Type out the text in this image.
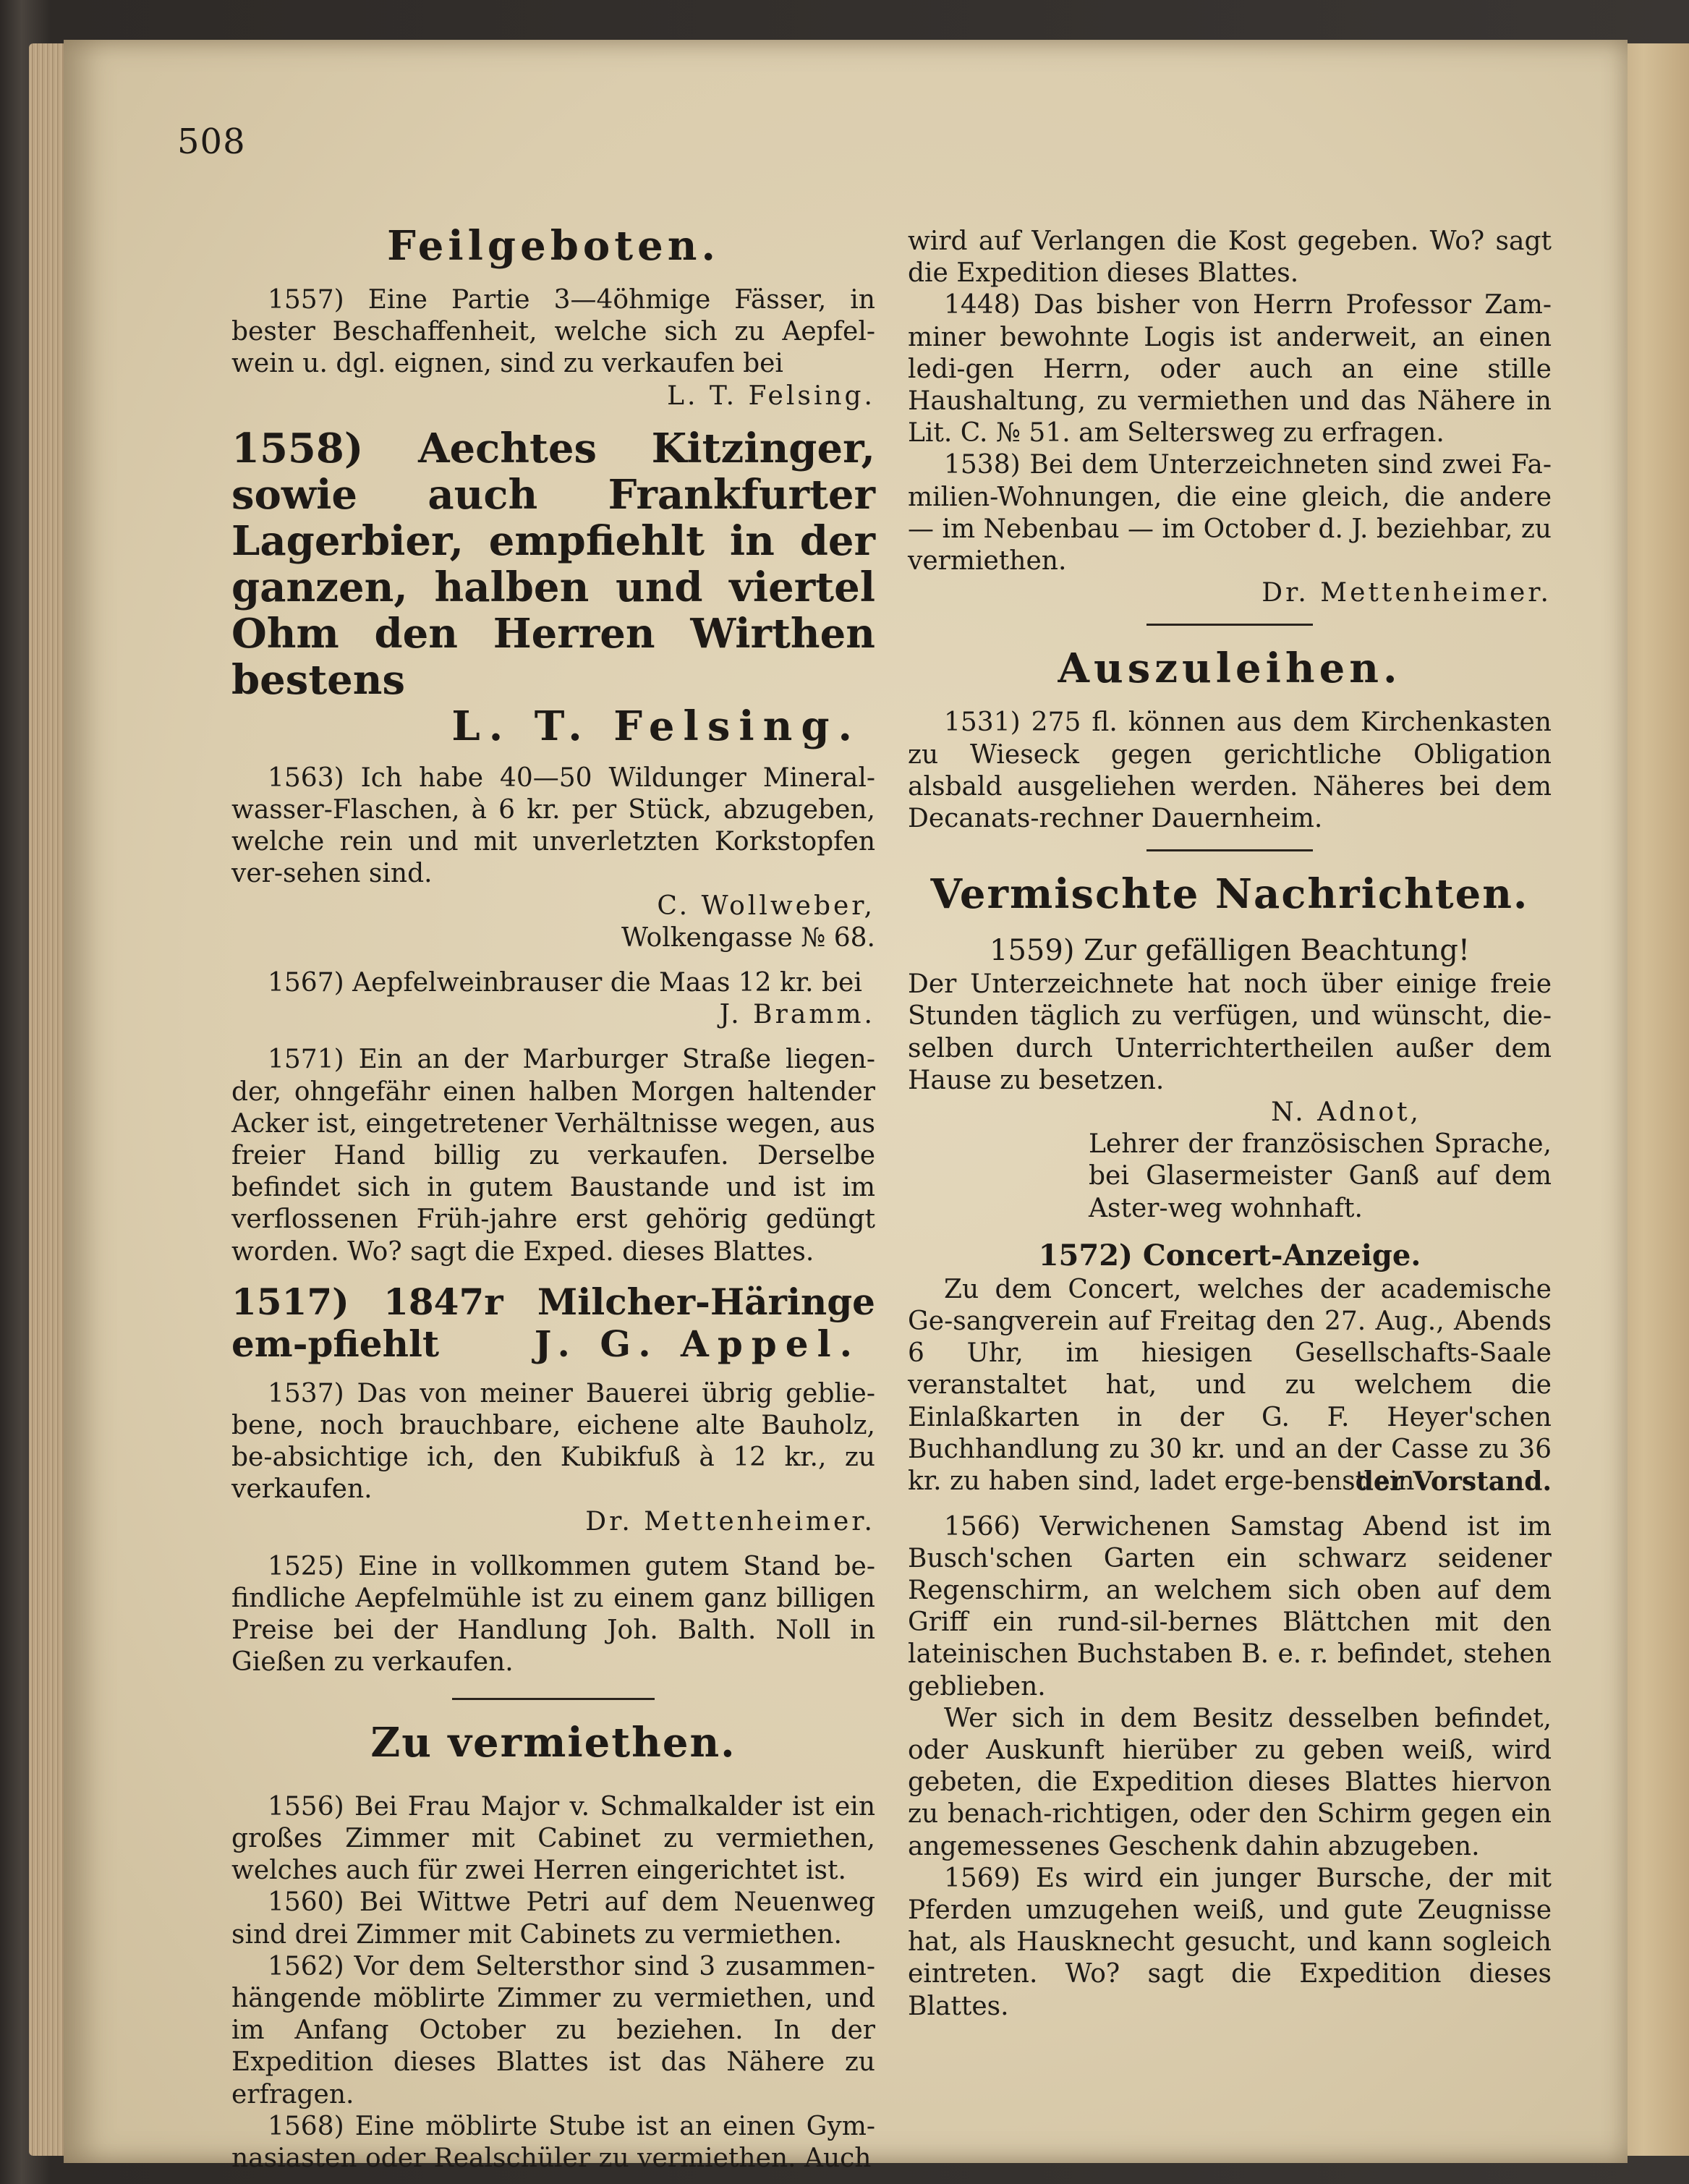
508
Feilgeboten.

1557) Eine Partie 3—4öhmige Fässer, in bester Beschaffenheit, welche sich zu Aepfel-wein u. dgl. eignen, sind zu verkaufen bei

L. T. Felsing.

1558) Aechtes Kitzinger, sowie auch Frankfurter Lagerbier, empfiehlt in der ganzen, halben und viertel Ohm den Herren Wirthen bestens

L. T. Felsing.

1563) Ich habe 40—50 Wildunger Mineral-wasser-Flaschen, à 6 kr. per Stück, abzugeben, welche rein und mit unverletzten Korkstopfen ver-sehen sind.

C. Wollweber,

Wolkengasse № 68.

1567) Aepfelweinbrauser die Maas 12 kr. bei

J. Bramm.

1571) Ein an der Marburger Straße liegen-der, ohngefähr einen halben Morgen haltender Acker ist, eingetretener Verhältnisse wegen, aus freier Hand billig zu verkaufen. Derselbe befindet sich in gutem Baustande und ist im verflossenen Früh-jahre erst gehörig gedüngt worden. Wo? sagt die Exped. dieses Blattes.

1517) 1847r Milcher-Häringe em-pfiehlt	J. G. Appel.

1537) Das von meiner Bauerei übrig geblie-bene, noch brauchbare, eichene alte Bauholz, be-absichtige ich, den Kubikfuß à 12 kr., zu verkaufen.

Dr. Mettenheimer.

1525) Eine in vollkommen gutem Stand be-findliche Aepfelmühle ist zu einem ganz billigen Preise bei der Handlung Joh. Balth. Noll in Gießen zu verkaufen.

Zu vermiethen.

1556) Bei Frau Major v. Schmalkalder ist ein großes Zimmer mit Cabinet zu vermiethen, welches auch für zwei Herren eingerichtet ist.

1560) Bei Wittwe Petri auf dem Neuenweg sind drei Zimmer mit Cabinets zu vermiethen.

1562) Vor dem Seltersthor sind 3 zusammen-hängende möblirte Zimmer zu vermiethen, und im Anfang October zu beziehen. In der Expedition dieses Blattes ist das Nähere zu erfragen.

1568) Eine möblirte Stube ist an einen Gym-nasiasten oder Realschüler zu vermiethen. Auch

wird auf Verlangen die Kost gegeben. Wo? sagt die Expedition dieses Blattes.

1448) Das bisher von Herrn Professor Zam-miner bewohnte Logis ist anderweit, an einen ledi-gen Herrn, oder auch an eine stille Haushaltung, zu vermiethen und das Nähere in Lit. C. № 51. am Seltersweg zu erfragen.

1538) Bei dem Unterzeichneten sind zwei Fa-milien-Wohnungen, die eine gleich, die andere — im Nebenbau — im October d. J. beziehbar, zu vermiethen.

Dr. Mettenheimer.

Auszuleihen.

1531) 275 fl. können aus dem Kirchenkasten zu Wieseck gegen gerichtliche Obligation alsbald ausgeliehen werden. Näheres bei dem Decanats-rechner Dauernheim.

Vermischte Nachrichten.

1559) Zur gefälligen Beachtung!

Der Unterzeichnete hat noch über einige freie Stunden täglich zu verfügen, und wünscht, die-selben durch Unterrichtertheilen außer dem Hause zu besetzen.

N. Adnot,

Lehrer der französischen Sprache, bei Glasermeister Ganß auf dem Aster-weg wohnhaft.

1572) Concert-Anzeige.

Zu dem Concert, welches der academische Ge-sangverein auf Freitag den 27. Aug., Abends 6 Uhr, im hiesigen Gesellschafts-Saale veranstaltet hat, und zu welchem die Einlaßkarten in der G. F. Heyer'schen Buchhandlung zu 30 kr. und an der Casse zu 36 kr. zu haben sind, ladet erge-benst ein

der Vorstand.

1566) Verwichenen Samstag Abend ist im Busch'schen Garten ein schwarz seidener Regenschirm, an welchem sich oben auf dem Griff ein rund-sil-bernes Blättchen mit den lateinischen Buchstaben B. e. r. befindet, stehen geblieben.

Wer sich in dem Besitz desselben befindet, oder Auskunft hierüber zu geben weiß, wird gebeten, die Expedition dieses Blattes hiervon zu benach-richtigen, oder den Schirm gegen ein angemessenes Geschenk dahin abzugeben.

1569) Es wird ein junger Bursche, der mit Pferden umzugehen weiß, und gute Zeugnisse hat, als Hausknecht gesucht, und kann sogleich eintreten. Wo? sagt die Expedition dieses Blattes.
